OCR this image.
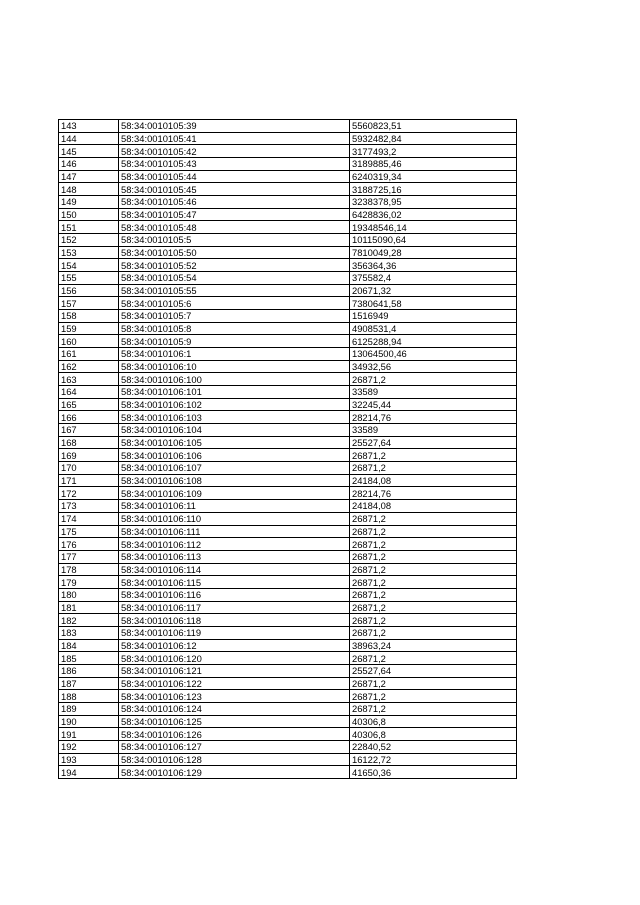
143	58:34:0010105:39	5560823,51
144	58:34:0010105:41	5932482,84
145	58:34:0010105:42	3177493,2
146	58:34:0010105:43	3189885,46
147	58:34:0010105:44	6240319,34
148	58:34:0010105:45	3188725,16
149	58:34:0010105:46	3238378,95
150	58:34:0010105:47	6428836,02
151	58:34:0010105:48	19348546,14
152	58:34:0010105:5	10115090,64
153	58:34:0010105:50	7810049,28
154	58:34:0010105:52	356364,36
155	58:34:0010105:54	375582,4
156	58:34:0010105:55	20671,32
157	58:34:0010105:6	7380641,58
158	58:34:0010105:7	1516949
159	58:34:0010105:8	4908531,4
160	58:34:0010105:9	6125288,94
161	58:34:0010106:1	13064500,46
162	58:34:0010106:10	34932,56
163	58:34:0010106:100	26871,2
164	58:34:0010106:101	33589
165	58:34:0010106:102	32245,44
166	58:34:0010106:103	28214,76
167	58:34:0010106:104	33589
168	58:34:0010106:105	25527,64
169	58:34:0010106:106	26871,2
170	58:34:0010106:107	26871,2
171	58:34:0010106:108	24184,08
172	58:34:0010106:109	28214,76
173	58:34:0010106:11	24184,08
174	58:34:0010106:110	26871,2
175	58:34:0010106:111	26871,2
176	58:34:0010106:112	26871,2
177	58:34:0010106:113	26871,2
178	58:34:0010106:114	26871,2
179	58:34:0010106:115	26871,2
180	58:34:0010106:116	26871,2
181	58:34:0010106:117	26871,2
182	58:34:0010106:118	26871,2
183	58:34:0010106:119	26871,2
184	58:34:0010106:12	38963,24
185	58:34:0010106:120	26871,2
186	58:34:0010106:121	25527,64
187	58:34:0010106:122	26871,2
188	58:34:0010106:123	26871,2
189	58:34:0010106:124	26871,2
190	58:34:0010106:125	40306,8
191	58:34:0010106:126	40306,8
192	58:34:0010106:127	22840,52
193	58:34:0010106:128	16122,72
194	58:34:0010106:129	41650,36
